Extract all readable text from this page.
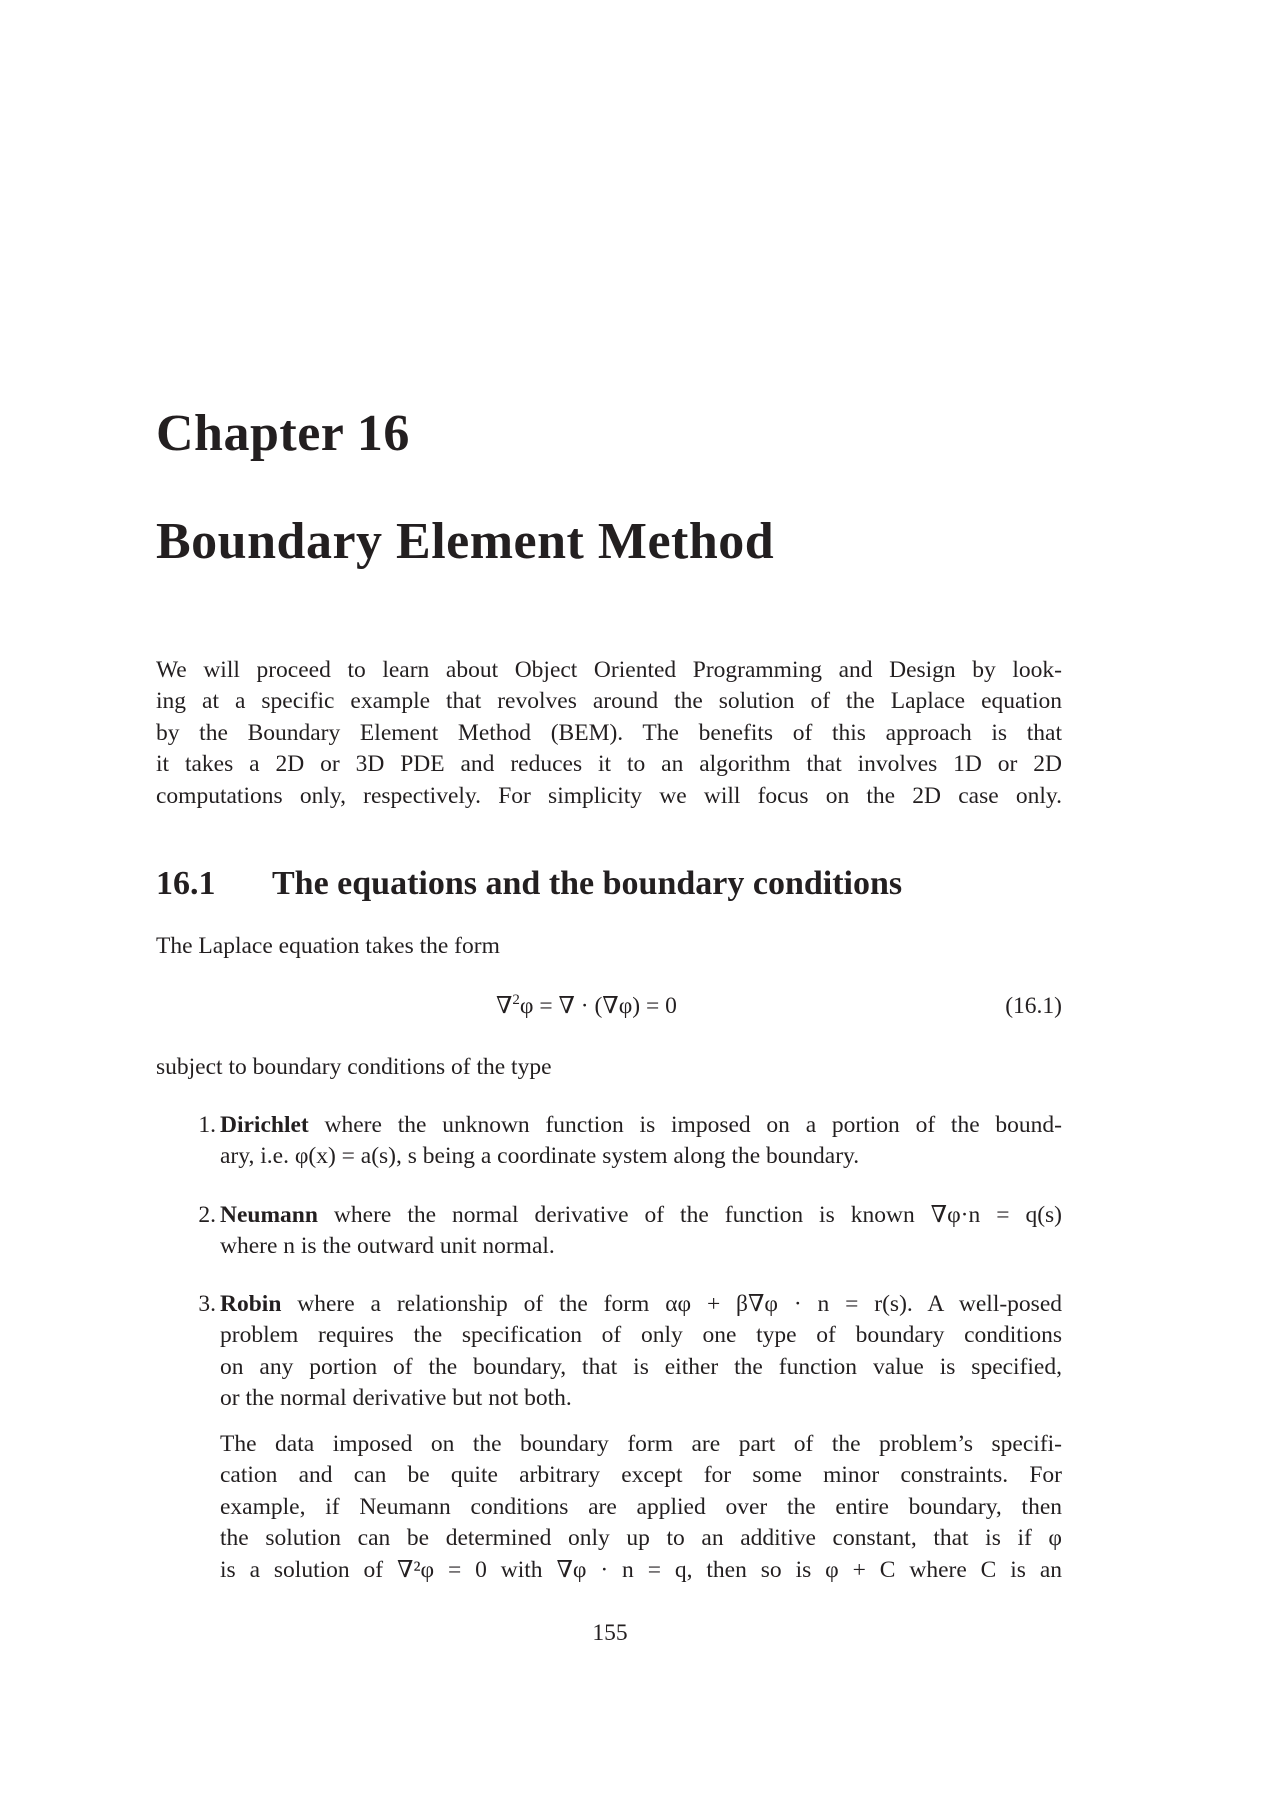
Chapter 16
Boundary Element Method
We will proceed to learn about Object Oriented Programming and Design by look-
ing at a specific example that revolves around the solution of the Laplace equation
by the Boundary Element Method (BEM). The benefits of this approach is that
it takes a 2D or 3D PDE and reduces it to an algorithm that involves 1D or 2D
computations only, respectively. For simplicity we will focus on the 2D case only.
16.1 The equations and the boundary conditions
The Laplace equation takes the form
∇$^2$φ = ∇ · (∇φ) = 0	(16.1)
subject to boundary conditions of the type
1. Dirichlet where the unknown function is imposed on a portion of the bound-
ary, i.e. φ(x) = a(s), s being a coordinate system along the boundary.
2. Neumann where the normal derivative of the function is known ∇φ·n = q(s)
where n is the outward unit normal.
3. Robin where a relationship of the form αφ + β∇φ · n = r(s). A well-posed
problem requires the specification of only one type of boundary conditions
on any portion of the boundary, that is either the function value is specified,
or the normal derivative but not both.
The data imposed on the boundary form are part of the problem’s specifi-
cation and can be quite arbitrary except for some minor constraints. For
example, if Neumann conditions are applied over the entire boundary, then
the solution can be determined only up to an additive constant, that is if φ
is a solution of ∇²φ = 0 with ∇φ · n = q, then so is φ + C where C is an
155
